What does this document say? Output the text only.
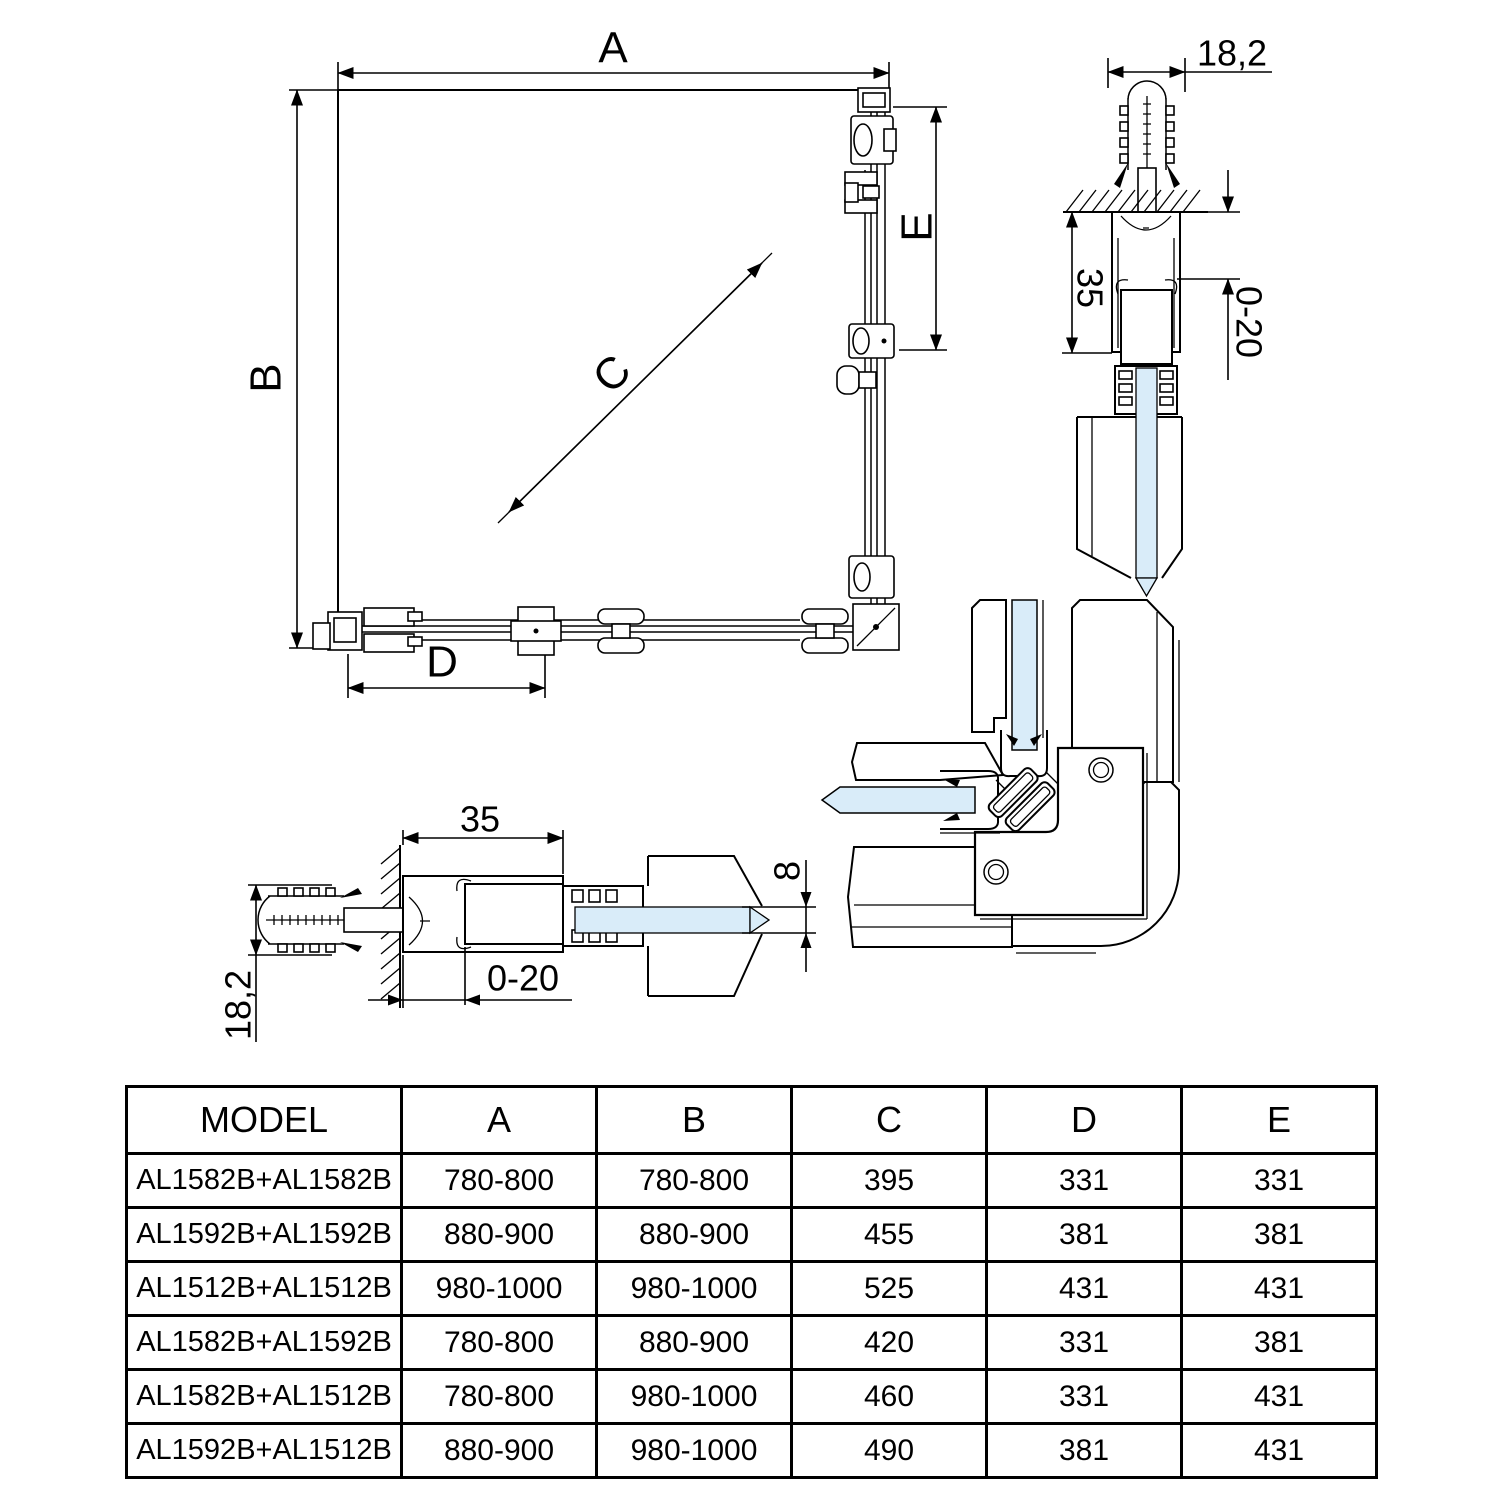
A
B
E
C
D
18,2
35	0-20
35
18,2	0-20
8
MODEL	A	B	C	D	E
AL1582B+AL1582B	780-800	780-800	395	331	331
AL1592B+AL1592B	880-900	880-900	455	381	381
AL1512B+AL1512B	980-1000	980-1000	525	431	431
AL1582B+AL1592B	780-800	880-900	420	331	381
AL1582B+AL1512B	780-800	980-1000	460	331	431
AL1592B+AL1512B	880-900	980-1000	490	381	431
